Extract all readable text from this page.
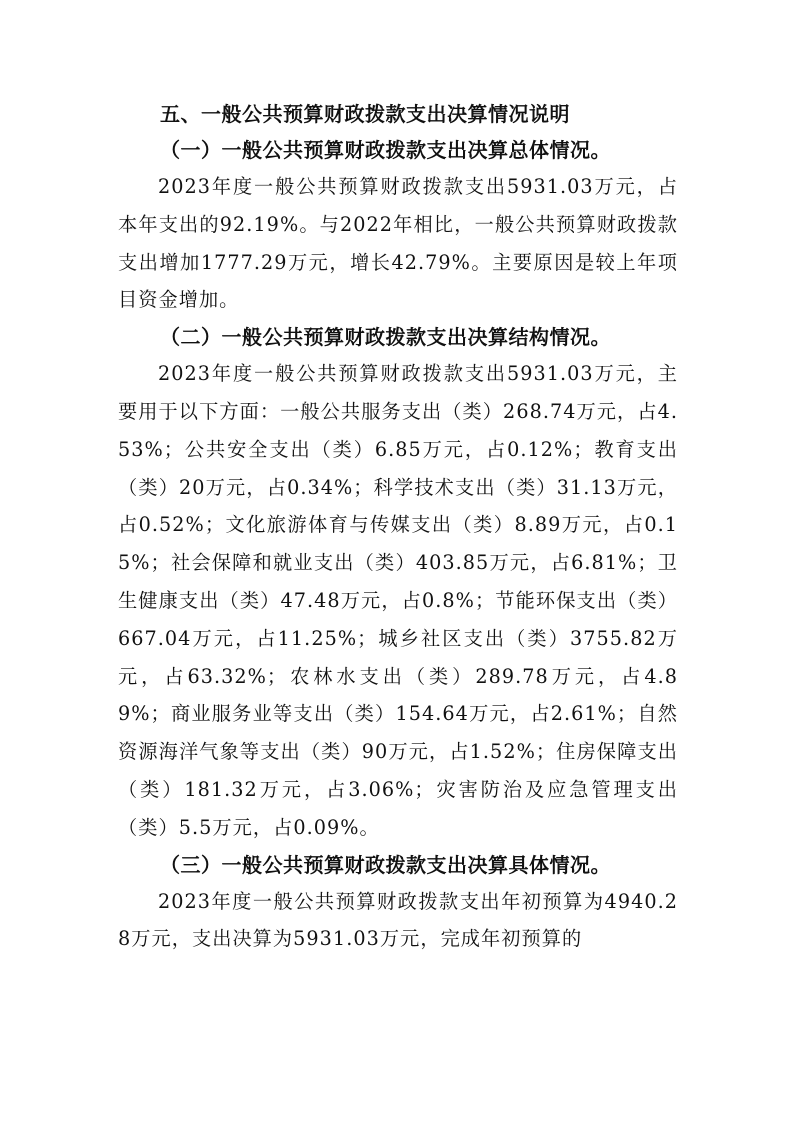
五、一般公共预算财政拨款支出决算情况说明

（一）一般公共预算财政拨款支出决算总体情况。

2023年度一般公共预算财政拨款支出5931.03万元，占本年支出的92.19%。与2022年相比，一般公共预算财政拨款支出增加1777.29万元，增长42.79%。主要原因是较上年项目资金增加。

（二）一般公共预算财政拨款支出决算结构情况。

2023年度一般公共预算财政拨款支出5931.03万元，主要用于以下方面：一般公共服务支出（类）268.74万元，占4.53%；公共安全支出（类）6.85万元，占0.12%；教育支出（类）20万元，占0.34%；科学技术支出（类）31.13万元，占0.52%；文化旅游体育与传媒支出（类）8.89万元，占0.15%；社会保障和就业支出（类）403.85万元，占6.81%；卫生健康支出（类）47.48万元，占0.8%；节能环保支出（类）667.04万元，占11.25%；城乡社区支出（类）3755.82万元，占63.32%；农林水支出（类）289.78万元，占4.89%；商业服务业等支出（类）154.64万元，占2.61%；自然资源海洋气象等支出（类）90万元，占1.52%；住房保障支出（类）181.32万元，占3.06%；灾害防治及应急管理支出（类）5.5万元，占0.09%。

（三）一般公共预算财政拨款支出决算具体情况。

2023年度一般公共预算财政拨款支出年初预算为4940.28万元，支出决算为5931.03万元，完成年初预算的
